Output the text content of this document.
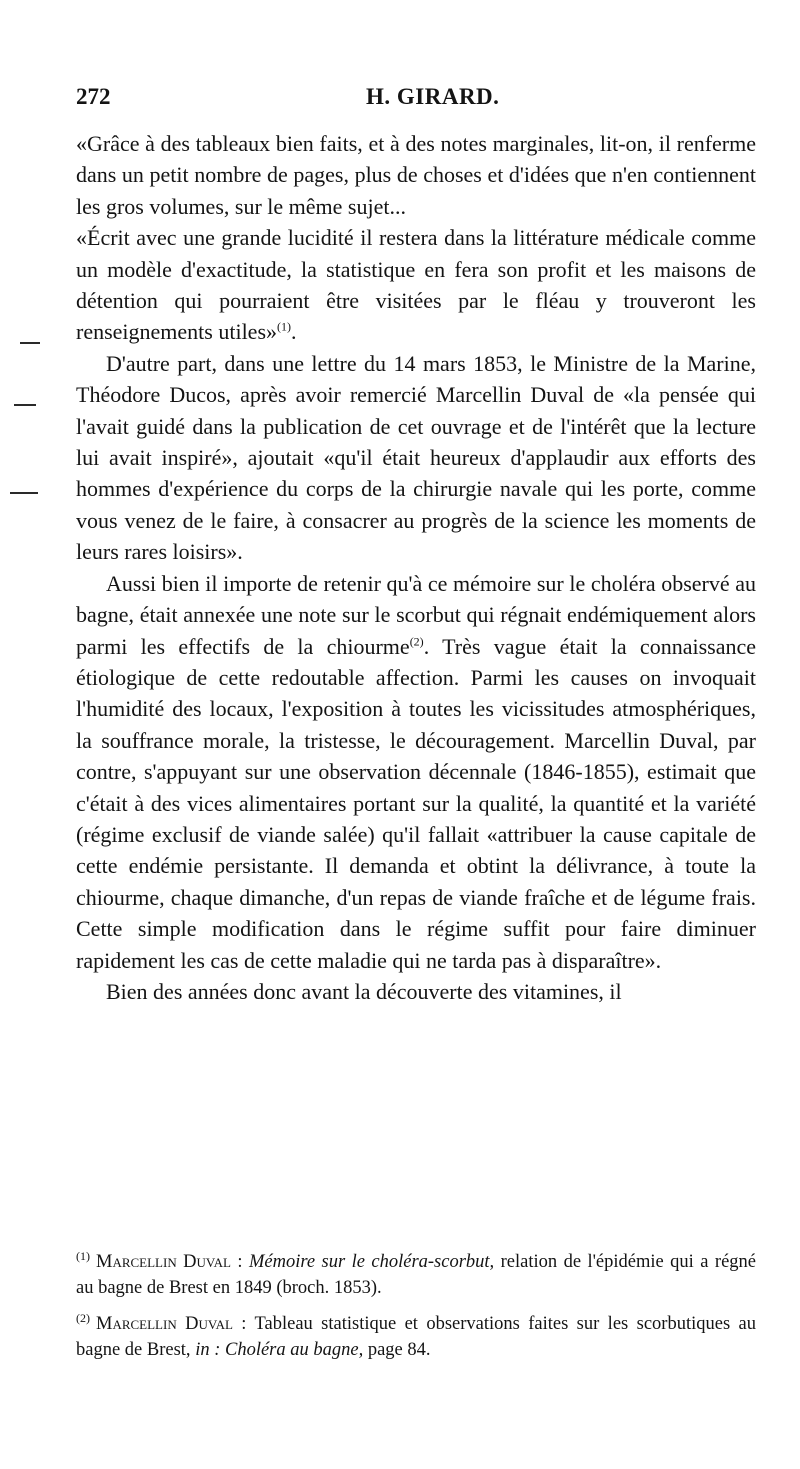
272	H. GIRARD.

«Grâce à des tableaux bien faits, et à des notes marginales, lit-on, il renferme dans un petit nombre de pages, plus de choses et d'idées que n'en contiennent les gros volumes, sur le même sujet...

«Écrit avec une grande lucidité il restera dans la littérature médicale comme un modèle d'exactitude, la statistique en fera son profit et les maisons de détention qui pourraient être visitées par le fléau y trouveront les renseignements utiles»$^{(1)}$.

D'autre part, dans une lettre du 14 mars 1853, le Ministre de la Marine, Théodore Ducos, après avoir remercié Marcellin Duval de «la pensée qui l'avait guidé dans la publication de cet ouvrage et de l'intérêt que la lecture lui avait inspiré», ajoutait «qu'il était heureux d'applaudir aux efforts des hommes d'expérience du corps de la chirurgie navale qui les porte, comme vous venez de le faire, à consacrer au progrès de la science les moments de leurs rares loisirs».

Aussi bien il importe de retenir qu'à ce mémoire sur le choléra observé au bagne, était annexée une note sur le scorbut qui régnait endémiquement alors parmi les effectifs de la chiourme$^{(2)}$. Très vague était la connaissance étiologique de cette redoutable affection. Parmi les causes on invoquait l'humidité des locaux, l'exposition à toutes les vicissitudes atmosphériques, la souffrance morale, la tristesse, le découragement. Marcellin Duval, par contre, s'appuyant sur une observation décennale (1846-1855), estimait que c'était à des vices alimentaires portant sur la qualité, la quantité et la variété (régime exclusif de viande salée) qu'il fallait «attribuer la cause capitale de cette endémie persistante. Il demanda et obtint la délivrance, à toute la chiourme, chaque dimanche, d'un repas de viande fraîche et de légume frais. Cette simple modification dans le régime suffit pour faire diminuer rapidement les cas de cette maladie qui ne tarda pas à disparaître».

Bien des années donc avant la découverte des vitamines, il

$^{(1)}$ Marcellin Duval : Mémoire sur le choléra-scorbut, relation de l'épidémie qui a régné au bagne de Brest en 1849 (broch. 1853).

$^{(2)}$ Marcellin Duval : Tableau statistique et observations faites sur les scorbutiques au bagne de Brest, in : Choléra au bagne, page 84.
